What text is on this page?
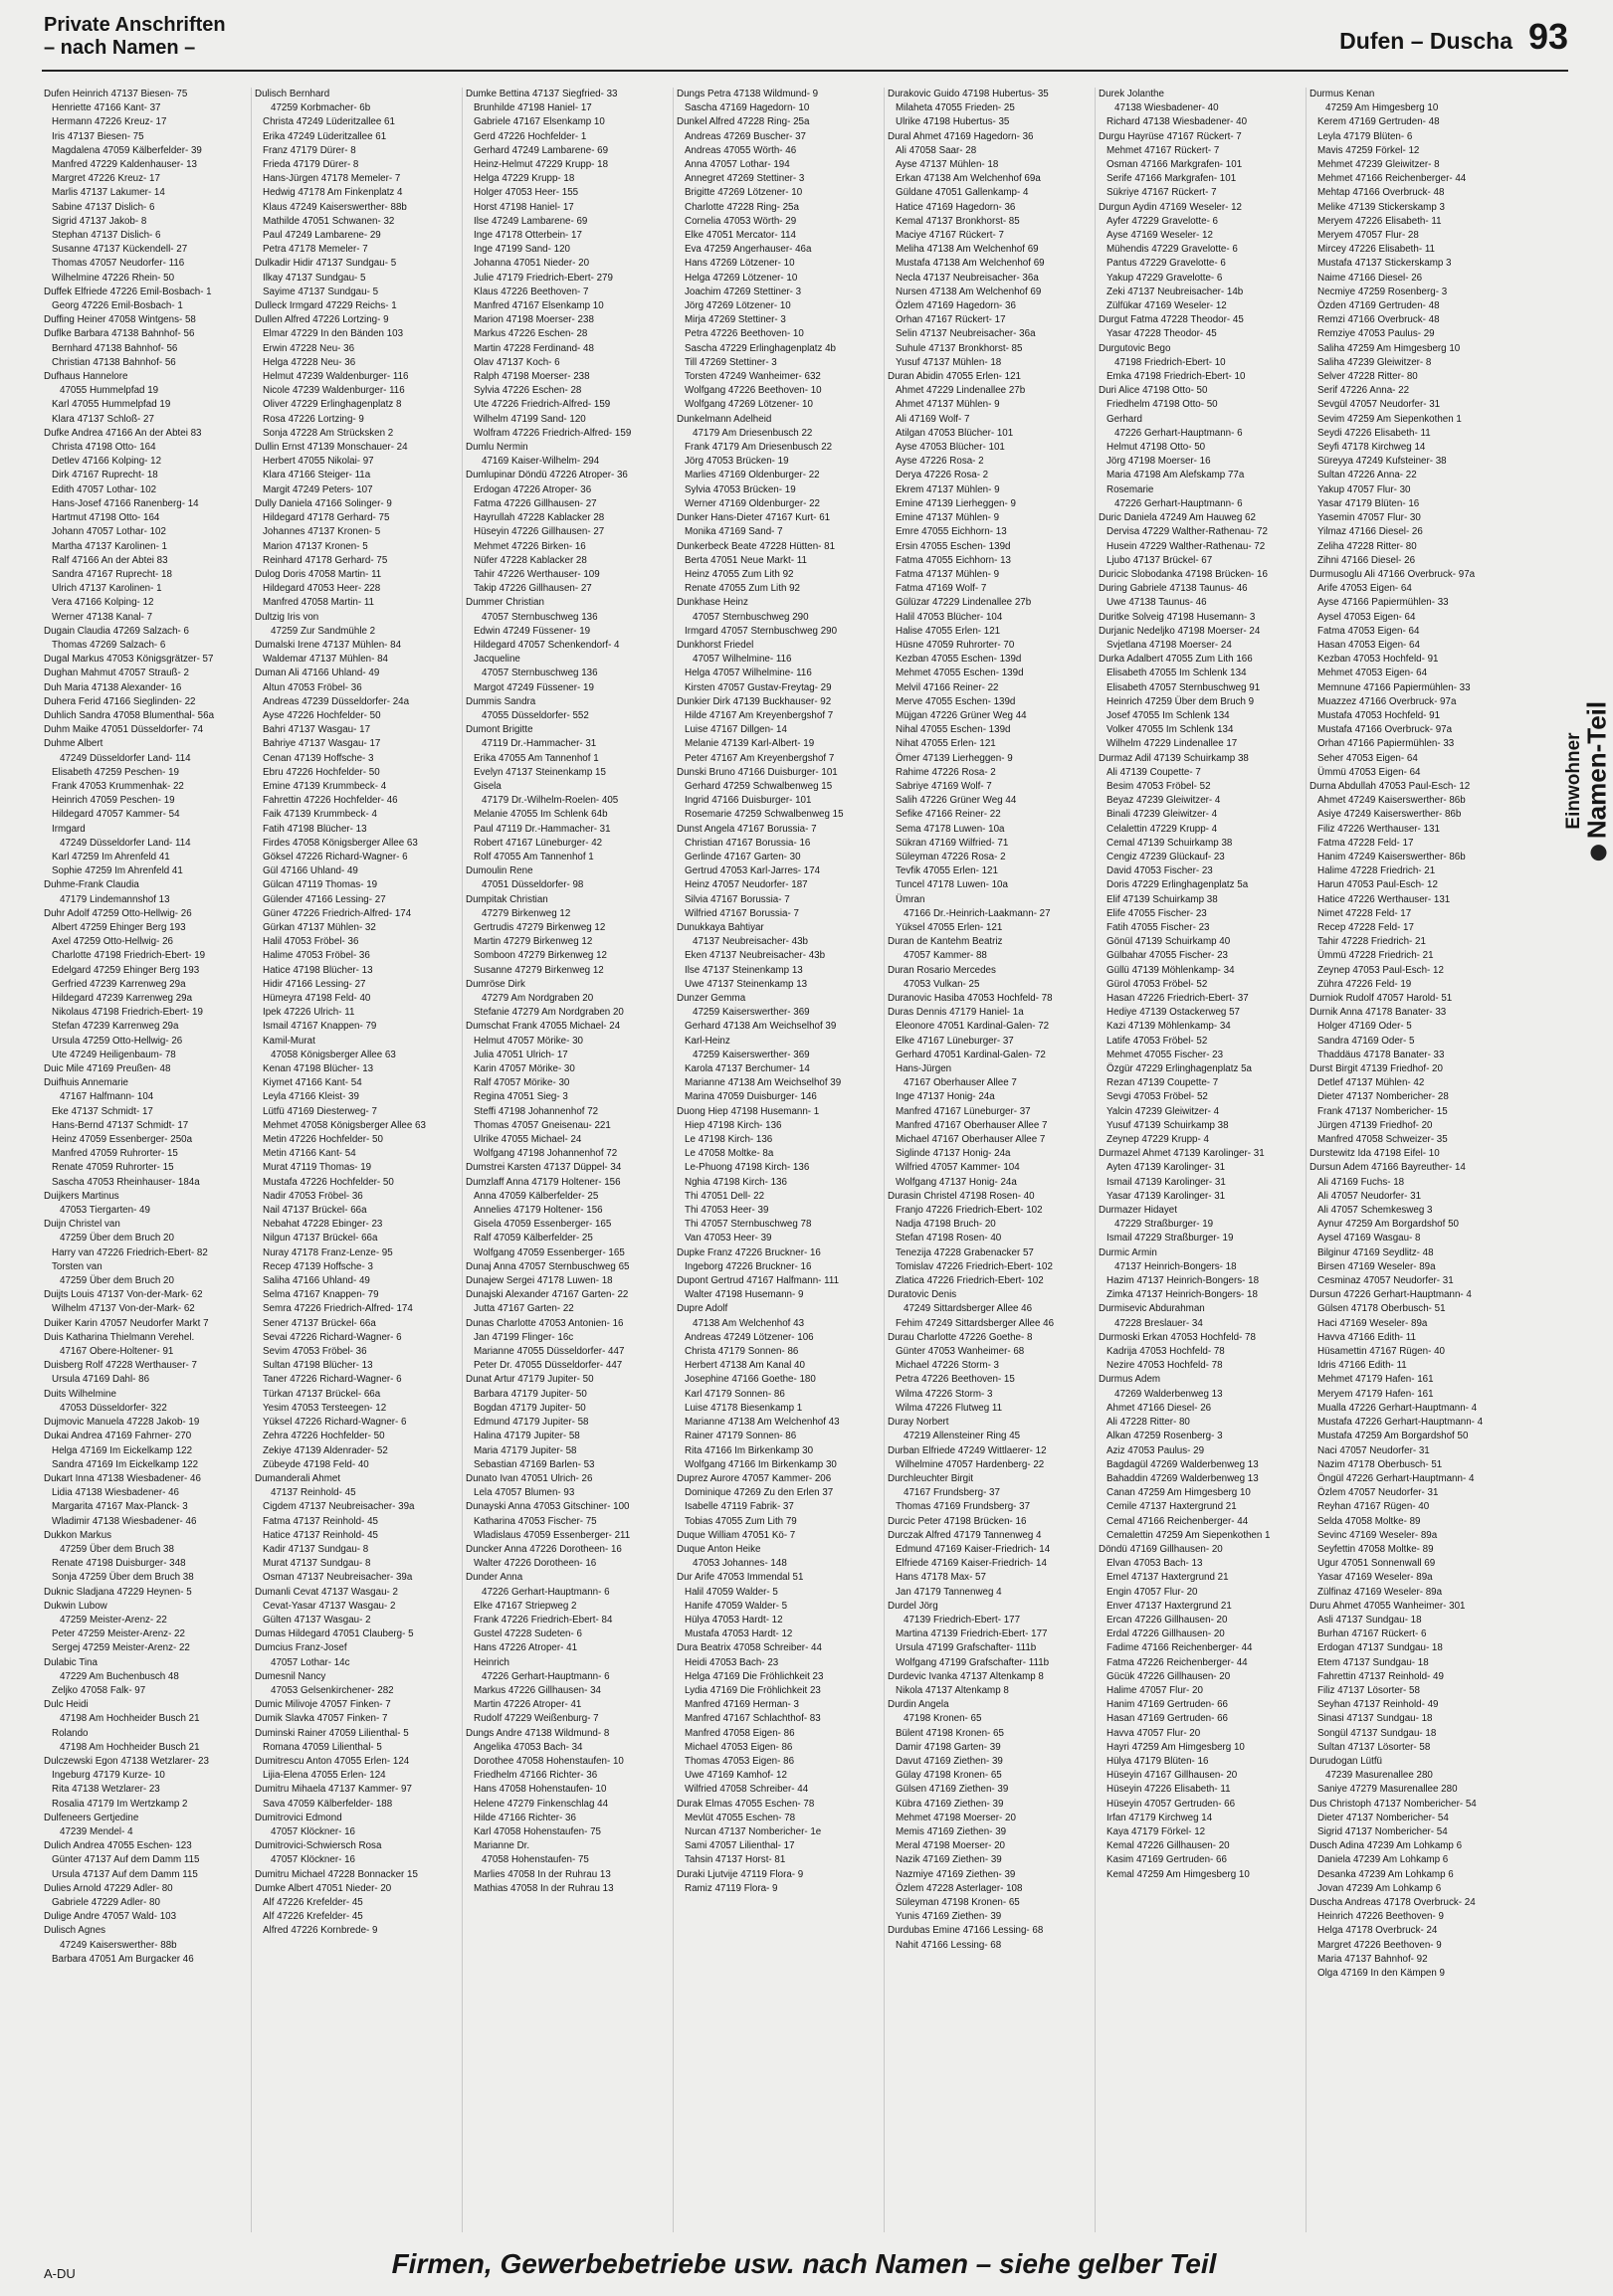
Private Anschriften
– nach Namen –	Dufen – Duscha 93
Dufen Heinrich 47137 Biesen- 75
Henriette 47166 Kant- 37
Hermann 47226 Kreuz- 17
Iris 47137 Biesen- 75
Magdalena 47059 Kälberfelder- 39
Manfred 47229 Kaldenhauser- 13
Margret 47226 Kreuz- 17
Marlis 47137 Lakumer- 14
Sabine 47137 Dislich- 6
Sigrid 47137 Jakob- 8
Stephan 47137 Dislich- 6
Susanne 47137 Kückendell- 27
Thomas 47057 Neudorfer- 116
Wilhelmine 47226 Rhein- 50
Duffek Elfriede 47226 Emil-Bosbach- 1
Georg 47226 Emil-Bosbach- 1
Duffing Heiner 47058 Wintgens- 58
Duflke Barbara 47138 Bahnhof- 56
Bernhard 47138 Bahnhof- 56
Christian 47138 Bahnhof- 56
Dufhaus Hannelore
47055 Hummelpfad 19
Karl 47055 Hummelpfad 19
Klara 47137 Schloß- 27
Dufke Andrea 47166 An der Abtei 83
Christa 47198 Otto- 164
Detlev 47166 Kolping- 12
Dirk 47167 Ruprecht- 18
Edith 47057 Lothar- 102
Hans-Josef 47166 Ranenberg- 14
Hartmut 47198 Otto- 164
Johann 47057 Lothar- 102
Martha 47137 Karolinen- 1
Ralf 47166 An der Abtei 83
Sandra 47167 Ruprecht- 18
Ulrich 47137 Karolinen- 1
Vera 47166 Kolping- 12
Werner 47138 Kanal- 7
Dugain Claudia 47269 Salzach- 6
Thomas 47269 Salzach- 6
Dugal Markus 47053 Königsgrätzer- 57
Dughan Mahmut 47057 Strauß- 2
Duh Maria 47138 Alexander- 16
Duhera Ferid 47166 Sieglinden- 22
Duhlich Sandra 47058 Blumenthal- 56a
Duhm Maike 47051 Düsseldorfer- 74
Duhme Albert
47249 Düsseldorfer Land- 114
Elisabeth 47259 Peschen- 19
Frank 47053 Krummenhak- 22
Heinrich 47059 Peschen- 19
Hildegard 47057 Kammer- 54
Irmgard
47249 Düsseldorfer Land- 114
Karl 47259 Im Ahrenfeld 41
Sophie 47259 Im Ahrenfeld 41
Duhme-Frank Claudia
47179 Lindemannshof 13
Duhr Adolf 47259 Otto-Hellwig- 26
Albert 47259 Ehinger Berg 193
Axel 47259 Otto-Hellwig- 26
Charlotte 47198 Friedrich-Ebert- 19
Edelgard 47259 Ehinger Berg 193
Gerfried 47239 Karrenweg 29a
Hildegard 47239 Karrenweg 29a
Nikolaus 47198 Friedrich-Ebert- 19
Stefan 47239 Karrenweg 29a
Ursula 47259 Otto-Hellwig- 26
Ute 47249 Heiligenbaum- 78
Duic Mile 47169 Preußen- 48
Duifhuis Annemarie
47167 Halfmann- 104
Eke 47137 Schmidt- 17
Hans-Bernd 47137 Schmidt- 17
Heinz 47059 Essenberger- 250a
Manfred 47059 Ruhrorter- 15
Renate 47059 Ruhrorter- 15
Sascha 47053 Rheinhauser- 184a
Duijkers Martinus
47053 Tiergarten- 49
Duijn Christel van
47259 Über dem Bruch 20
Harry van 47226 Friedrich-Ebert- 82
Torsten van
47259 Über dem Bruch 20
Duijts Louis 47137 Von-der-Mark- 62
Wilhelm 47137 Von-der-Mark- 62
Duiker Karin 47057 Neudorfer Markt 7
Duis Katharina Thielmann Verehel.
47167 Obere-Holtener- 91
Duisberg Rolf 47228 Werthauser- 7
Ursula 47169 Dahl- 86
Duits Wilhelmine
47053 Düsseldorfer- 322
Dujmovic Manuela 47228 Jakob- 19
Dukai Andrea 47169 Fahrner- 270
Helga 47169 Im Eickelkamp 122
Sandra 47169 Im Eickelkamp 122
Dukart Inna 47138 Wiesbadener- 46
Lidia 47138 Wiesbadener- 46
Margarita 47167 Max-Planck- 3
Wladimir 47138 Wiesbadener- 46
Dukkon Markus
47259 Über dem Bruch 38
Renate 47198 Duisburger- 348
Sonja 47259 Über dem Bruch 38
Duknic Sladjana 47229 Heynen- 5
Dukwin Lubow
47259 Meister-Arenz- 22
Peter 47259 Meister-Arenz- 22
Sergej 47259 Meister-Arenz- 22
Dulabic Tina
47229 Am Buchenbusch 48
Zeljko 47058 Falk- 97
Dulc Heidi
47198 Am Hochheider Busch 21
Rolando
47198 Am Hochheider Busch 21
Dulczewski Egon 47138 Wetzlarer- 23
Ingeburg 47179 Kurze- 10
Rita 47138 Wetzlarer- 23
Rosalia 47179 Im Wertzkamp 2
Dulfeneers Gertjedine
47239 Mendel- 4
Dulich Andrea 47055 Eschen- 123
Günter 47137 Auf dem Damm 115
Ursula 47137 Auf dem Damm 115
Dulies Arnold 47229 Adler- 80
Gabriele 47229 Adler- 80
Dulige Andre 47057 Wald- 103
Dulisch Agnes
47249 Kaiserswerther- 88b
Barbara 47051 Am Burgacker 46
Dulisch Bernhard
47259 Korbmacher- 6b
Christa 47249 Lüderitzallee 61
Erika 47249 Lüderitzallee 61
Franz 47179 Dürer- 8
Frieda 47179 Dürer- 8
Hans-Jürgen 47178 Memeler- 7
Hedwig 47178 Am Finkenplatz 4
Klaus 47249 Kaiserswerther- 88b
Mathilde 47051 Schwanen- 32
Paul 47249 Lambarene- 29
Petra 47178 Memeler- 7
Dulkadir Hidir 47137 Sundgau- 5
Ilkay 47137 Sundgau- 5
Sayime 47137 Sundgau- 5
Dulleck Irmgard 47229 Reichs- 1
Dullen Alfred 47226 Lortzing- 9
Elmar 47229 In den Bänden 103
Erwin 47228 Neu- 36
Helga 47228 Neu- 36
Helmut 47239 Waldenburger- 116
Nicole 47239 Waldenburger- 116
Oliver 47229 Erlinghagenplatz 8
Rosa 47226 Lortzing- 9
Sonja 47228 Am Strücksken 2
Dullin Ernst 47139 Monschauer- 24
Herbert 47055 Nikolai- 97
Klara 47166 Steiger- 11a
Margit 47249 Peters- 107
Dully Daniela 47166 Solinger- 9
Hildegard 47178 Gerhard- 75
Johannes 47137 Kronen- 5
Marion 47137 Kronen- 5
Reinhard 47178 Gerhard- 75
Dulog Doris 47058 Martin- 11
Hildegard 47053 Heer- 228
Manfred 47058 Martin- 11
Dultzig Iris von
47259 Zur Sandmühle 2
Dumalski Irene 47137 Mühlen- 84
Waldemar 47137 Mühlen- 84
Duman Ali 47166 Uhland- 49
Altun 47053 Fröbel- 36
Andreas 47239 Düsseldorfer- 24a
Ayse 47226 Hochfelder- 50
Bahri 47137 Wasgau- 17
Bahriye 47137 Wasgau- 17
Cenan 47139 Hoffsche- 3
Ebru 47226 Hochfelder- 50
Emine 47139 Krummbeck- 4
Fahrettin 47226 Hochfelder- 46
Faik 47139 Krummbeck- 4
Fatih 47198 Blücher- 13
Firdes 47058 Königsberger Allee 63
Göksel 47226 Richard-Wagner- 6
Gül 47166 Uhland- 49
Gülcan 47119 Thomas- 19
Gülender 47166 Lessing- 27
Güner 47226 Friedrich-Alfred- 174
Gürkan 47137 Mühlen- 32
Halil 47053 Fröbel- 36
Halime 47053 Fröbel- 36
Hatice 47198 Blücher- 13
Hidir 47166 Lessing- 27
Hümeyra 47198 Feld- 40
Ipek 47226 Ulrich- 11
Ismail 47167 Knappen- 79
Kamil-Murat
47058 Königsberger Allee 63
Kenan 47198 Blücher- 13
Kiymet 47166 Kant- 54
Leyla 47166 Kleist- 39
Lütfü 47169 Diesterweg- 7
Mehmet 47058 Königsberger Allee 63
Metin 47226 Hochfelder- 50
Metin 47166 Kant- 54
Murat 47119 Thomas- 19
Mustafa 47226 Hochfelder- 50
Nadir 47053 Fröbel- 36
Nail 47137 Brückel- 66a
Nebahat 47228 Ebinger- 23
Nilgun 47137 Brückel- 66a
Nuray 47178 Franz-Lenze- 95
Recep 47139 Hoffsche- 3
Saliha 47166 Uhland- 49
Selma 47167 Knappen- 79
Semra 47226 Friedrich-Alfred- 174
Sener 47137 Brückel- 66a
Sevai 47226 Richard-Wagner- 6
Sevim 47053 Fröbel- 36
Sultan 47198 Blücher- 13
Taner 47226 Richard-Wagner- 6
Türkan 47137 Brückel- 66a
Yesim 47053 Tersteegen- 12
Yüksel 47226 Richard-Wagner- 6
Zehra 47226 Hochfelder- 50
Zekiye 47139 Aldenrader- 52
Zübeyde 47198 Feld- 40
Dumanderali Ahmet
47137 Reinhold- 45
Cigdem 47137 Neubreisacher- 39a
Fatma 47137 Reinhold- 45
Hatice 47137 Reinhold- 45
Kadir 47137 Sundgau- 8
Murat 47137 Sundgau- 8
Osman 47137 Neubreisacher- 39a
Dumanli Cevat 47137 Wasgau- 2
Cevat-Yasar 47137 Wasgau- 2
Gülten 47137 Wasgau- 2
Dumas Hildegard 47051 Clauberg- 5
Dumcius Franz-Josef
47057 Lothar- 14c
Dumesnil Nancy
47053 Gelsenkirchener- 282
Dumic Milivoje 47057 Finken- 7
Dumik Slavka 47057 Finken- 7
Duminski Rainer 47059 Lilienthal- 5
Romana 47059 Lilienthal- 5
Dumitrescu Anton 47055 Erlen- 124
Lijia-Elena 47055 Erlen- 124
Dumitru Mihaela 47137 Kammer- 97
Sava 47059 Kälberfelder- 188
Dumitrovici Edmond
47057 Klöckner- 16
Dumitrovici-Schwiersch Rosa
47057 Klöckner- 16
Dumitru Michael 47228 Bonnacker 15
Dumke Albert 47051 Nieder- 20
Alf 47226 Krefelder- 45
Alf 47226 Krefelder- 45
Alfred 47226 Kornbrede- 9
Dumke Bettina 47137 Siegfried- 33
Brunhilde 47198 Haniel- 17
Gabriele 47167 Elsenkamp 10
Gerd 47226 Hochfelder- 1
Gerhard 47249 Lambarene- 69
Heinz-Helmut 47229 Krupp- 18
Helga 47229 Krupp- 18
Holger 47053 Heer- 155
Horst 47198 Haniel- 17
Ilse 47249 Lambarene- 69
Inge 47178 Otterbein- 17
Inge 47199 Sand- 120
Johanna 47051 Nieder- 20
Julie 47179 Friedrich-Ebert- 279
Klaus 47226 Beethoven- 7
Manfred 47167 Elsenkamp 10
Marion 47198 Moerser- 238
Markus 47226 Eschen- 28
Martin 47228 Ferdinand- 48
Olav 47137 Koch- 6
Ralph 47198 Moerser- 238
Sylvia 47226 Eschen- 28
Ute 47226 Friedrich-Alfred- 159
Wilhelm 47199 Sand- 120
Wolfram 47226 Friedrich-Alfred- 159
Dumlu Nermin
47169 Kaiser-Wilhelm- 294
Dumlupinar Döndü 47226 Atroper- 36
Erdogan 47226 Atroper- 36
Fatma 47226 Gillhausen- 27
Hayrullah 47228 Kablacker 28
Hüseyin 47226 Gillhausen- 27
Mehmet 47226 Birken- 16
Nüfer 47228 Kablacker 28
Tahir 47226 Werthauser- 109
Takip 47226 Gillhausen- 27
Dummer Christian
47057 Sternbuschweg 136
Edwin 47249 Füssener- 19
Hildegard 47057 Schenkendorf- 4
Jacqueline
47057 Sternbuschweg 136
Margot 47249 Füssener- 19
Dummis Sandra
47055 Düsseldorfer- 552
Dumont Brigitte
47119 Dr.-Hammacher- 31
Erika 47055 Am Tannenhof 1
Evelyn 47137 Steinenkamp 15
Gisela
47179 Dr.-Wilhelm-Roelen- 405
Melanie 47055 Im Schlenk 64b
Paul 47119 Dr.-Hammacher- 31
Robert 47167 Lüneburger- 42
Rolf 47055 Am Tannenhof 1
Dumoulin Rene
47051 Düsseldorfer- 98
Dumpitak Christian
47279 Birkenweg 12
Gertrudis 47279 Birkenweg 12
Martin 47279 Birkenweg 12
Somboon 47279 Birkenweg 12
Susanne 47279 Birkenweg 12
Dumröse Dirk
47279 Am Nordgraben 20
Stefanie 47279 Am Nordgraben 20
Dumschat Frank 47055 Michael- 24
Helmut 47057 Mörike- 30
Julia 47051 Ulrich- 17
Karin 47057 Mörike- 30
Ralf 47057 Mörike- 30
Regina 47051 Sieg- 3
Steffi 47198 Johannenhof 72
Thomas 47057 Gneisenau- 221
Ulrike 47055 Michael- 24
Wolfgang 47198 Johannenhof 72
Dumstrei Karsten 47137 Düppel- 34
Dumzlaff Anna 47179 Holtener- 156
Anna 47059 Kälberfelder- 25
Annelies 47179 Holtener- 156
Gisela 47059 Essenberger- 165
Ralf 47059 Kälberfelder- 25
Wolfgang 47059 Essenberger- 165
Dunaj Anna 47057 Sternbuschweg 65
Dunajew Sergei 47178 Luwen- 18
Dunajski Alexander 47167 Garten- 22
Jutta 47167 Garten- 22
Dunas Charlotte 47053 Antonien- 16
Jan 47199 Flinger- 16c
Marianne 47055 Düsseldorfer- 447
Peter Dr. 47055 Düsseldorfer- 447
Dunat Artur 47179 Jupiter- 50
Barbara 47179 Jupiter- 50
Bogdan 47179 Jupiter- 50
Edmund 47179 Jupiter- 58
Halina 47179 Jupiter- 58
Maria 47179 Jupiter- 58
Sebastian 47169 Barlen- 53
Dunato Ivan 47051 Ulrich- 26
Lela 47057 Blumen- 93
Dunayski Anna 47053 Gitschiner- 100
Katharina 47053 Fischer- 75
Wladislaus 47059 Essenberger- 211
Duncker Anna 47226 Dorotheen- 16
Walter 47226 Dorotheen- 16
Dunder Anna
47226 Gerhart-Hauptmann- 6
Elke 47167 Striepweg 2
Frank 47226 Friedrich-Ebert- 84
Gustel 47228 Sudeten- 6
Hans 47226 Atroper- 41
Heinrich
47226 Gerhart-Hauptmann- 6
Markus 47226 Gillhausen- 34
Martin 47226 Atroper- 41
Rudolf 47229 Weißenburg- 7
Dungs Andre 47138 Wildmund- 8
Angelika 47053 Bach- 34
Dorothee 47058 Hohenstaufen- 10
Friedhelm 47166 Richter- 36
Hans 47058 Hohenstaufen- 10
Helene 47279 Finkenschlag 44
Hilde 47166 Richter- 36
Karl 47058 Hohenstaufen- 75
Marianne Dr.
47058 Hohenstaufen- 75
Marlies 47058 In der Ruhrau 13
Mathias 47058 In der Ruhrau 13
Dungs Petra 47138 Wildmund- 9
Sascha 47169 Hagedorn- 10
Dunkel Alfred 47228 Ring- 25a
Andreas 47269 Buscher- 37
Andreas 47055 Wörth- 46
Anna 47057 Lothar- 194
Annegret 47269 Stettiner- 3
Brigitte 47269 Lötzener- 10
Charlotte 47228 Ring- 25a
Cornelia 47053 Wörth- 29
Elke 47051 Mercator- 114
Eva 47259 Angerhauser- 46a
Hans 47269 Lötzener- 10
Helga 47269 Lötzener- 10
Joachim 47269 Stettiner- 3
Jörg 47269 Lötzener- 10
Mirja 47269 Stettiner- 3
Petra 47226 Beethoven- 10
Sascha 47229 Erlinghagenplatz 4b
Till 47269 Stettiner- 3
Torsten 47249 Wanheimer- 632
Wolfgang 47226 Beethoven- 10
Wolfgang 47269 Lötzener- 10
Dunkelmann Adelheid
47179 Am Driesenbusch 22
Frank 47179 Am Driesenbusch 22
Jörg 47053 Brücken- 19
Marlies 47169 Oldenburger- 22
Sylvia 47053 Brücken- 19
Werner 47169 Oldenburger- 22
Dunker Hans-Dieter 47167 Kurt- 61
Monika 47169 Sand- 7
Dunkerbeck Beate 47228 Hütten- 81
Berta 47051 Neue Markt- 11
Heinz 47055 Zum Lith 92
Renate 47055 Zum Lith 92
Dunkhase Heinz
47057 Sternbuschweg 290
Irmgard 47057 Sternbuschweg 290
Dunkhorst Friedel
47057 Wilhelmine- 116
Helga 47057 Wilhelmine- 116
Kirsten 47057 Gustav-Freytag- 29
Dunkier Dirk 47139 Buckhauser- 92
Hilde 47167 Am Kreyenbergshof 7
Luise 47167 Dillgen- 14
Melanie 47139 Karl-Albert- 19
Peter 47167 Am Kreyenbergshof 7
Dunski Bruno 47166 Duisburger- 101
Gerhard 47259 Schwalbenweg 15
Ingrid 47166 Duisburger- 101
Rosemarie 47259 Schwalbenweg 15
Dunst Angela 47167 Borussia- 7
Christian 47167 Borussia- 16
Gerlinde 47167 Garten- 30
Gertrud 47053 Karl-Jarres- 174
Heinz 47057 Neudorfer- 187
Silvia 47167 Borussia- 7
Wilfried 47167 Borussia- 7
Dunukkaya Bahtiyar
47137 Neubreisacher- 43b
Eken 47137 Neubreisacher- 43b
Ilse 47137 Steinenkamp 13
Uwe 47137 Steinenkamp 13
Dunzer Gemma
47259 Kaiserswerther- 369
Gerhard 47138 Am Weichselhof 39
Karl-Heinz
47259 Kaiserswerther- 369
Karola 47137 Berchumer- 14
Marianne 47138 Am Weichselhof 39
Marina 47059 Duisburger- 146
Duong Hiep 47198 Husemann- 1
Hiep 47198 Kirch- 136
Le 47198 Kirch- 136
Le 47058 Moltke- 8a
Le-Phuong 47198 Kirch- 136
Nghia 47198 Kirch- 136
Thi 47051 Dell- 22
Thi 47053 Heer- 39
Thi 47057 Sternbuschweg 78
Van 47053 Heer- 39
Dupke Franz 47226 Bruckner- 16
Ingeborg 47226 Bruckner- 16
Dupont Gertrud 47167 Halfmann- 111
Walter 47198 Husemann- 9
Dupre Adolf
47138 Am Welchenhof 43
Andreas 47249 Lötzener- 106
Christa 47179 Sonnen- 86
Herbert 47138 Am Kanal 40
Josephine 47166 Goethe- 180
Karl 47179 Sonnen- 86
Luise 47178 Biesenkamp 1
Marianne 47138 Am Welchenhof 43
Rainer 47179 Sonnen- 86
Rita 47166 Im Birkenkamp 30
Wolfgang 47166 Im Birkenkamp 30
Duprez Aurore 47057 Kammer- 206
Dominique 47269 Zu den Erlen 37
Isabelle 47119 Fabrik- 37
Tobias 47055 Zum Lith 79
Duque William 47051 Kö- 7
Duque Anton Heike
47053 Johannes- 148
Dur Arife 47053 Immendal 51
Halil 47059 Walder- 5
Hanife 47059 Walder- 5
Hülya 47053 Hardt- 12
Mustafa 47053 Hardt- 12
Dura Beatrix 47058 Schreiber- 44
Heidi 47053 Bach- 23
Helga 47169 Die Fröhlichkeit 23
Lydia 47169 Die Fröhlichkeit 23
Manfred 47169 Herman- 3
Manfred 47167 Schlachthof- 83
Manfred 47058 Eigen- 86
Michael 47053 Eigen- 86
Thomas 47053 Eigen- 86
Uwe 47169 Kamhof- 12
Wilfried 47058 Schreiber- 44
Durak Elmas 47055 Eschen- 78
Mevlüt 47055 Eschen- 78
Nurcan 47137 Nombericher- 1e
Sami 47057 Lilienthal- 17
Tahsin 47137 Horst- 81
Duraki Ljutvije 47119 Flora- 9
Ramiz 47119 Flora- 9
Durakovic Guido 47198 Hubertus- 35
Milaheta 47055 Frieden- 25
Ulrike 47198 Hubertus- 35
Dural Ahmet 47169 Hagedorn- 36
Ali 47058 Saar- 28
Ayse 47137 Mühlen- 18
Erkan 47138 Am Welchenhof 69a
Güldane 47051 Gallenkamp- 4
Hatice 47169 Hagedorn- 36
Kemal 47137 Bronkhorst- 85
Maciye 47167 Rückert- 7
Meliha 47138 Am Welchenhof 69
Mustafa 47138 Am Welchenhof 69
Necla 47137 Neubreisacher- 36a
Nursen 47138 Am Welchenhof 69
Özlem 47169 Hagedorn- 36
Orhan 47167 Rückert- 17
Selin 47137 Neubreisacher- 36a
Suhule 47137 Bronkhorst- 85
Yusuf 47137 Mühlen- 18
Duran Abidin 47055 Erlen- 121
Ahmet 47229 Lindenallee 27b
Ahmet 47137 Mühlen- 9
Ali 47169 Wolf- 7
Atilgan 47053 Blücher- 101
Ayse 47053 Blücher- 101
Ayse 47226 Rosa- 2
Derya 47226 Rosa- 2
Ekrem 47137 Mühlen- 9
Emine 47139 Lierheggen- 9
Emine 47137 Mühlen- 9
Emre 47055 Eichhorn- 13
Ersin 47055 Eschen- 139d
Fatma 47055 Eichhorn- 13
Fatma 47137 Mühlen- 9
Fatma 47169 Wolf- 7
Gülüzar 47229 Lindenallee 27b
Halil 47053 Blücher- 104
Halise 47055 Erlen- 121
Hüsne 47059 Ruhrorter- 70
Kezban 47055 Eschen- 139d
Mehmet 47055 Eschen- 139d
Melvil 47166 Reiner- 22
Merve 47055 Eschen- 139d
Müjgan 47226 Grüner Weg 44
Nihal 47055 Eschen- 139d
Nihat 47055 Erlen- 121
Ömer 47139 Lierheggen- 9
Rahime 47226 Rosa- 2
Sabriye 47169 Wolf- 7
Salih 47226 Grüner Weg 44
Sefike 47166 Reiner- 22
Sema 47178 Luwen- 10a
Sükran 47169 Wilfried- 71
Süleyman 47226 Rosa- 2
Tevfik 47055 Erlen- 121
Tuncel 47178 Luwen- 10a
Ümran
47166 Dr.-Heinrich-Laakmann- 27
Yüksel 47055 Erlen- 121
Duran de Kantehm Beatriz
47057 Kammer- 88
Duran Rosario Mercedes
47053 Vulkan- 25
Duranovic Hasiba 47053 Hochfeld- 78
Duras Dennis 47179 Haniel- 1a
Eleonore 47051 Kardinal-Galen- 72
Elke 47167 Lüneburger- 37
Gerhard 47051 Kardinal-Galen- 72
Hans-Jürgen
47167 Oberhauser Allee 7
Inge 47137 Honig- 24a
Manfred 47167 Lüneburger- 37
Manfred 47167 Oberhauser Allee 7
Michael 47167 Oberhauser Allee 7
Siglinde 47137 Honig- 24a
Wilfried 47057 Kammer- 104
Wolfgang 47137 Honig- 24a
Durasin Christel 47198 Rosen- 40
Franjo 47226 Friedrich-Ebert- 102
Nadja 47198 Bruch- 20
Stefan 47198 Rosen- 40
Tenezija 47228 Grabenacker 57
Tomislav 47226 Friedrich-Ebert- 102
Zlatica 47226 Friedrich-Ebert- 102
Duratovic Denis
47249 Sittardsberger Allee 46
Fehim 47249 Sittardsberger Allee 46
Durau Charlotte 47226 Goethe- 8
Günter 47053 Wanheimer- 68
Michael 47226 Storm- 3
Petra 47226 Beethoven- 15
Wilma 47226 Storm- 3
Wilma 47226 Flutweg 11
Duray Norbert
47219 Allensteiner Ring 45
Durban Elfriede 47249 Wittlaerer- 12
Wilhelmine 47057 Hardenberg- 22
Durchleuchter Birgit
47167 Frundsberg- 37
Thomas 47169 Frundsberg- 37
Durcic Peter 47198 Brücken- 16
Durczak Alfred 47179 Tannenweg 4
Edmund 47169 Kaiser-Friedrich- 14
Elfriede 47169 Kaiser-Friedrich- 14
Hans 47178 Max- 57
Jan 47179 Tannenweg 4
Durdel Jörg
47139 Friedrich-Ebert- 177
Martina 47139 Friedrich-Ebert- 177
Ursula 47199 Grafschafter- 111b
Wolfgang 47199 Grafschafter- 111b
Durdevic Ivanka 47137 Altenkamp 8
Nikola 47137 Altenkamp 8
Durdin Angela
47198 Kronen- 65
Bülent 47198 Kronen- 65
Damir 47198 Garten- 39
Davut 47169 Ziethen- 39
Gülay 47198 Kronen- 65
Gülsen 47169 Ziethen- 39
Kübra 47169 Ziethen- 39
Mehmet 47198 Moerser- 20
Memis 47169 Ziethen- 39
Meral 47198 Moerser- 20
Nazik 47169 Ziethen- 39
Nazmiye 47169 Ziethen- 39
Özlem 47228 Asterlager- 108
Süleyman 47198 Kronen- 65
Yunis 47169 Ziethen- 39
Durdubas Emine 47166 Lessing- 68
Nahit 47166 Lessing- 68
Durek Jolanthe
47138 Wiesbadener- 40
Richard 47138 Wiesbadener- 40
Durgu Hayrüse 47167 Rückert- 7
Mehmet 47167 Rückert- 7
Osman 47166 Markgrafen- 101
Serife 47166 Markgrafen- 101
Sükriye 47167 Rückert- 7
Durgun Aydin 47169 Weseler- 12
Ayfer 47229 Gravelotte- 6
Ayse 47169 Weseler- 12
Mühendis 47229 Gravelotte- 6
Pantus 47229 Gravelotte- 6
Yakup 47229 Gravelotte- 6
Zeki 47137 Neubreisacher- 14b
Zülfükar 47169 Weseler- 12
Durgut Fatma 47228 Theodor- 45
Yasar 47228 Theodor- 45
Durgutovic Bego
47198 Friedrich-Ebert- 10
Emka 47198 Friedrich-Ebert- 10
Duri Alice 47198 Otto- 50
Friedhelm 47198 Otto- 50
Gerhard
47226 Gerhart-Hauptmann- 6
Helmut 47198 Otto- 50
Jörg 47198 Moerser- 16
Maria 47198 Am Alefskamp 77a
Rosemarie
47226 Gerhart-Hauptmann- 6
Duric Daniela 47249 Am Hauweg 62
Dervisa 47229 Walther-Rathenau- 72
Husein 47229 Walther-Rathenau- 72
Ljubo 47137 Brückel- 67
Duricic Slobodanka 47198 Brücken- 16
During Gabriele 47138 Taunus- 46
Uwe 47138 Taunus- 46
Duritke Solveig 47198 Husemann- 3
Durjanic Nedeljko 47198 Moerser- 24
Svjetlana 47198 Moerser- 24
Durka Adalbert 47055 Zum Lith 166
Elisabeth 47055 Im Schlenk 134
Elisabeth 47057 Sternbuschweg 91
Heinrich 47259 Über dem Bruch 9
Josef 47055 Im Schlenk 134
Volker 47055 Im Schlenk 134
Wilhelm 47229 Lindenallee 17
Durmaz Adil 47139 Schuirkamp 38
Ali 47139 Coupette- 7
Besim 47053 Fröbel- 52
Beyaz 47239 Gleiwitzer- 4
Binali 47239 Gleiwitzer- 4
Celalettin 47229 Krupp- 4
Cemal 47139 Schuirkamp 38
Cengiz 47239 Glückauf- 23
David 47053 Fischer- 23
Doris 47229 Erlinghagenplatz 5a
Elif 47139 Schuirkamp 38
Elife 47055 Fischer- 23
Fatih 47055 Fischer- 23
Gönül 47139 Schuirkamp 40
Gülbahar 47055 Fischer- 23
Güllü 47139 Möhlenkamp- 34
Gürol 47053 Fröbel- 52
Hasan 47226 Friedrich-Ebert- 37
Hediye 47139 Ostackerweg 57
Kazi 47139 Möhlenkamp- 34
Latife 47053 Fröbel- 52
Mehmet 47055 Fischer- 23
Özgür 47229 Erlinghagenplatz 5a
Rezan 47139 Coupette- 7
Sevgi 47053 Fröbel- 52
Yalcin 47239 Gleiwitzer- 4
Yusuf 47139 Schuirkamp 38
Zeynep 47229 Krupp- 4
Durmazel Ahmet 47139 Karolinger- 31
Ayten 47139 Karolinger- 31
Ismail 47139 Karolinger- 31
Yasar 47139 Karolinger- 31
Durmazer Hidayet
47229 Straßburger- 19
Ismail 47229 Straßburger- 19
Durmic Armin
47137 Heinrich-Bongers- 18
Hazim 47137 Heinrich-Bongers- 18
Zimka 47137 Heinrich-Bongers- 18
Durmisevic Abdurahman
47228 Breslauer- 34
Durmoski Erkan 47053 Hochfeld- 78
Kadrija 47053 Hochfeld- 78
Nezire 47053 Hochfeld- 78
Durmus Adem
47269 Walderbenweg 13
Ahmet 47166 Diesel- 26
Ali 47228 Ritter- 80
Alkan 47259 Rosenberg- 3
Aziz 47053 Paulus- 29
Bagdagül 47269 Walderbenweg 13
Bahaddin 47269 Walderbenweg 13
Canan 47259 Am Himgesberg 10
Cemile 47137 Haxtergrund 21
Cemal 47166 Reichenberger- 44
Cemalettin 47259 Am Siepenkothen 1
Döndü 47169 Gillhausen- 20
Elvan 47053 Bach- 13
Emel 47137 Haxtergrund 21
Engin 47057 Flur- 20
Enver 47137 Haxtergrund 21
Ercan 47226 Gillhausen- 20
Erdal 47226 Gillhausen- 20
Fadime 47166 Reichenberger- 44
Fatma 47226 Reichenberger- 44
Gücük 47226 Gillhausen- 20
Halime 47057 Flur- 20
Hanim 47169 Gertruden- 66
Hasan 47169 Gertruden- 66
Havva 47057 Flur- 20
Hayri 47259 Am Himgesberg 10
Hülya 47179 Blüten- 16
Hüseyin 47167 Gillhausen- 20
Hüseyin 47226 Elisabeth- 11
Hüseyin 47057 Gertruden- 66
Irfan 47179 Kirchweg 14
Kaya 47179 Förkel- 12
Kemal 47226 Gillhausen- 20
Kasim 47169 Gertruden- 66
Kemal 47259 Am Himgesberg 10
Durmus Kenan
47259 Am Himgesberg 10
Kerem 47169 Gertruden- 48
Leyla 47179 Blüten- 6
Mavis 47259 Förkel- 12
Mehmet 47239 Gleiwitzer- 8
Mehmet 47166 Reichenberger- 44
Mehtap 47166 Overbruck- 48
Melike 47139 Stickerskamp 3
Meryem 47226 Elisabeth- 11
Meryem 47057 Flur- 28
Mircey 47226 Elisabeth- 11
Mustafa 47137 Stickerskamp 3
Naime 47166 Diesel- 26
Necmiye 47259 Rosenberg- 3
Özden 47169 Gertruden- 48
Remzi 47166 Overbruck- 48
Remziye 47053 Paulus- 29
Saliha 47259 Am Himgesberg 10
Saliha 47239 Gleiwitzer- 8
Selver 47228 Ritter- 80
Serif 47226 Anna- 22
Sevgül 47057 Neudorfer- 31
Sevim 47259 Am Siepenkothen 1
Seydi 47226 Elisabeth- 11
Seyfi 47178 Kirchweg 14
Süreyya 47249 Kufsteiner- 38
Sultan 47226 Anna- 22
Yakup 47057 Flur- 30
Yasar 47179 Blüten- 16
Yasemin 47057 Flur- 30
Yilmaz 47166 Diesel- 26
Zeliha 47228 Ritter- 80
Zihni 47166 Diesel- 26
Durmusoglu Ali 47166 Overbruck- 97a
Arife 47053 Eigen- 64
Ayse 47166 Papiermühlen- 33
Aysel 47053 Eigen- 64
Fatma 47053 Eigen- 64
Hasan 47053 Eigen- 64
Kezban 47053 Hochfeld- 91
Mehmet 47053 Eigen- 64
Memnune 47166 Papiermühlen- 33
Muazzez 47166 Overbruck- 97a
Mustafa 47053 Hochfeld- 91
Mustafa 47166 Overbruck- 97a
Orhan 47166 Papiermühlen- 33
Seher 47053 Eigen- 64
Ümmü 47053 Eigen- 64
Durna Abdullah 47053 Paul-Esch- 12
Ahmet 47249 Kaiserswerther- 86b
Asiye 47249 Kaiserswerther- 86b
Filiz 47226 Werthauser- 131
Fatma 47228 Feld- 17
Hanim 47249 Kaiserswerther- 86b
Halime 47228 Friedrich- 21
Harun 47053 Paul-Esch- 12
Hatice 47226 Werthauser- 131
Nimet 47228 Feld- 17
Recep 47228 Feld- 17
Tahir 47228 Friedrich- 21
Ümmü 47228 Friedrich- 21
Zeynep 47053 Paul-Esch- 12
Zühra 47226 Feld- 19
Durniok Rudolf 47057 Harold- 51
Durnik Anna 47178 Banater- 33
Holger 47169 Oder- 5
Sandra 47169 Oder- 5
Thaddäus 47178 Banater- 33
Durst Birgit 47139 Friedhof- 20
Detlef 47137 Mühlen- 42
Dieter 47137 Nombericher- 28
Frank 47137 Nombericher- 15
Jürgen 47139 Friedhof- 20
Manfred 47058 Schweizer- 35
Durstewitz Ida 47198 Eifel- 10
Dursun Adem 47166 Bayreuther- 14
Ali 47169 Fuchs- 18
Ali 47057 Neudorfer- 31
Ali 47057 Schemkesweg 3
Aynur 47259 Am Borgardshof 50
Aysel 47169 Wasgau- 8
Bilginur 47169 Seydlitz- 48
Birsen 47169 Weseler- 89a
Cesminaz 47057 Neudorfer- 31
Dursun 47226 Gerhart-Hauptmann- 4
Gülsen 47178 Oberbusch- 51
Haci 47169 Weseler- 89a
Havva 47166 Edith- 11
Hüsamettin 47167 Rügen- 40
Idris 47166 Edith- 11
Mehmet 47179 Hafen- 161
Meryem 47179 Hafen- 161
Mualla 47226 Gerhart-Hauptmann- 4
Mustafa 47226 Gerhart-Hauptmann- 4
Mustafa 47259 Am Borgardshof 50
Naci 47057 Neudorfer- 31
Nazim 47178 Oberbusch- 51
Öngül 47226 Gerhart-Hauptmann- 4
Özlem 47057 Neudorfer- 31
Reyhan 47167 Rügen- 40
Selda 47058 Moltke- 89
Sevinc 47169 Weseler- 89a
Seyfettin 47058 Moltke- 89
Ugur 47051 Sonnenwall 69
Yasar 47169 Weseler- 89a
Zülfinaz 47169 Weseler- 89a
Duru Ahmet 47055 Wanheimer- 301
Asli 47137 Sundgau- 18
Burhan 47167 Rückert- 6
Erdogan 47137 Sundgau- 18
Etem 47137 Sundgau- 18
Fahrettin 47137 Reinhold- 49
Filiz 47137 Lösorter- 58
Seyhan 47137 Reinhold- 49
Sinasi 47137 Sundgau- 18
Songül 47137 Sundgau- 18
Sultan 47137 Lösorter- 58
Durudogan Lütfü
47239 Masurenallee 280
Saniye 47279 Masurenallee 280
Dus Christoph 47137 Nombericher- 54
Dieter 47137 Nombericher- 54
Sigrid 47137 Nombericher- 54
Dusch Adina 47239 Am Lohkamp 6
Daniela 47239 Am Lohkamp 6
Desanka 47239 Am Lohkamp 6
Jovan 47239 Am Lohkamp 6
Duscha Andreas 47178 Overbruck- 24
Heinrich 47226 Beethoven- 9
Helga 47178 Overbruck- 24
Margret 47226 Beethoven- 9
Maria 47137 Bahnhof- 92
Olga 47169 In den Kämpen 9
Einwohner
Namen-Teil
A-DU	Firmen, Gewerbebetriebe usw. nach Namen – siehe gelber Teil
